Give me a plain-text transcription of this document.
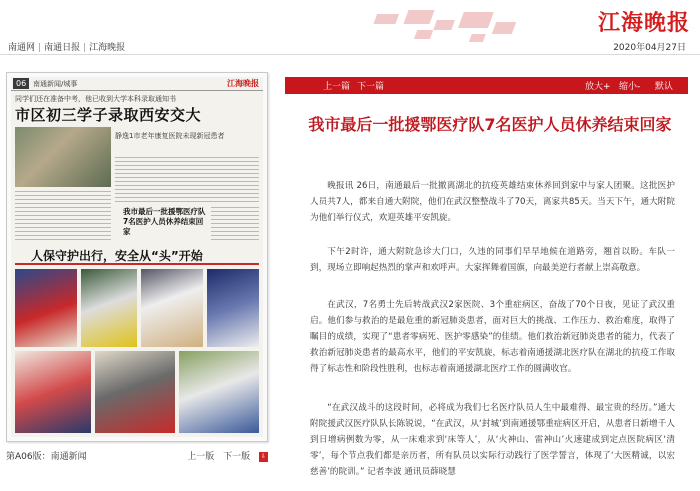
江海晚报
南通网 | 南通日报 | 江海晚报	2020年04月27日
06 南通新闻/城事	江海晚报
同学们还在准备中考，他已收到大学本科录取通知书
市区初三学子录取西安交大
静逸1市老年康复医院未现新冠患者
我市最后一批援鄂医疗队7名医护人员休养结束回家
人保守护出行，安全从“头”开始
第A06版：南通新闻	上一版 下一版 ⇩
上一篇 下一篇	放大+ 缩小- 默认
我市最后一批援鄂医疗队7名医护人员休养结束回家
晚报讯 26日，南通最后一批撤离湖北的抗疫英雄结束休养回到家中与家人团聚。这批医护人员共7人，都来自通大附院，他们在武汉整整战斗了70天，离家共85天。当天下午，通大附院为他们举行仪式，欢迎英雄平安凯旋。
下午2时许，通大附院急诊大门口，久违的同事们早早地候在道路旁，翘首以盼。车队一到，现场立即响起热烈的掌声和欢呼声。大家挥舞着国旗，向最美逆行者献上崇高敬意。
在武汉，7名勇士先后转战武汉2家医院、3个重症病区，奋战了70个日夜，见证了武汉重启。他们参与救治的是最危重的新冠肺炎患者，面对巨大的挑战、工作压力、救治难度，取得了瞩目的成绩，实现了“患者零病死、医护零感染”的佳绩。他们救治新冠肺炎患者的能力，代表了救治新冠肺炎患者的最高水平，他们的平安凯旋，标志着南通援湖北医疗队在湖北的抗疫工作取得了标志性和阶段性胜利，也标志着南通援湖北医疗工作的圆满收官。
“在武汉战斗的这段时间，必将成为我们七名医疗队员人生中最难得、最宝贵的经历。”通大附院援武汉医疗队队长陈锐说，“在武汉，从‘封城’到南通援鄂重症病区开启，从患者日新增千人到日增病例数为零，从一床难求到‘床等人’，从‘火神山、雷神山’火速建成到定点医院病区‘清零’，每个节点我们都是亲历者，所有队员以实际行动践行了医学誓言，体现了‘大医精诚，以宏慈善’的院训。” 记者李波 通讯员薛晓慧
